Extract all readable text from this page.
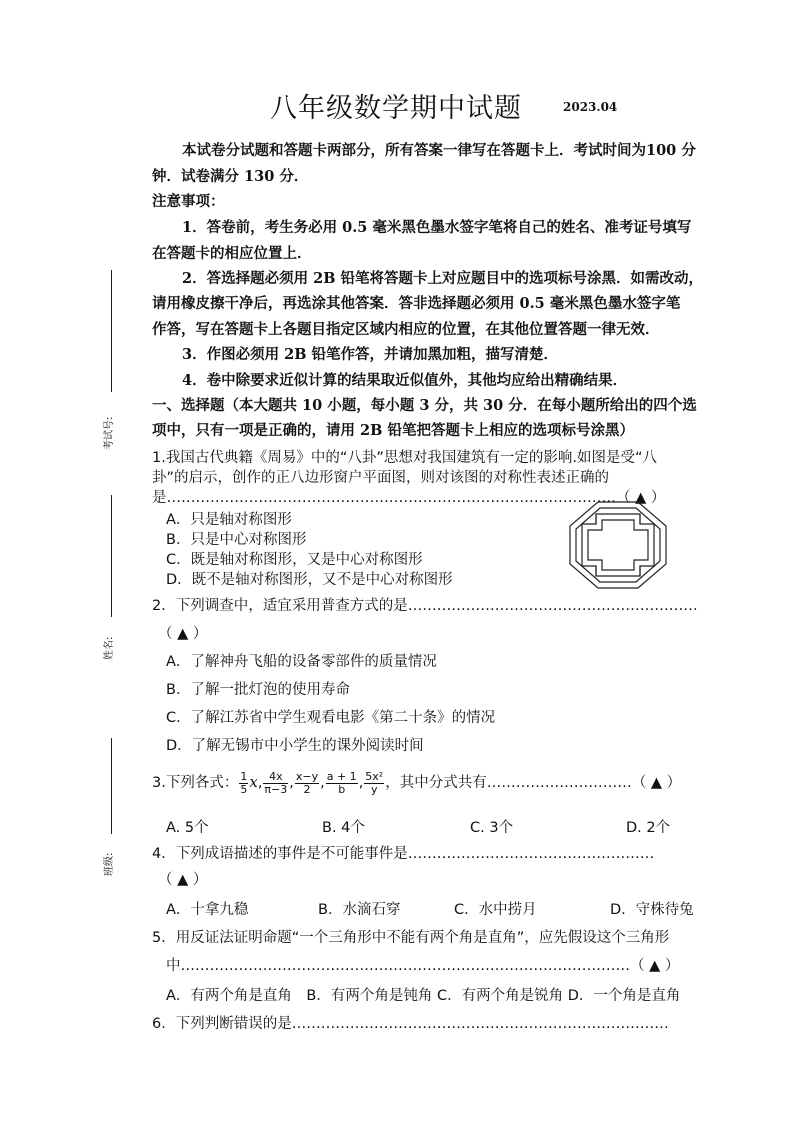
八年级数学期中试题	2023.04
本试卷分试题和答题卡两部分，所有答案一律写在答题卡上．考试时间为100 分
钟．试卷满分 130 分．
注意事项：
1．答卷前，考生务必用 0.5 毫米黑色墨水签字笔将自己的姓名、准考证号填写
在答题卡的相应位置上．
2．答选择题必须用 2B 铅笔将答题卡上对应题目中的选项标号涂黑．如需改动，
请用橡皮擦干净后，再选涂其他答案．答非选择题必须用 0.5 毫米黑色墨水签字笔
作答，写在答题卡上各题目指定区域内相应的位置，在其他位置答题一律无效．
3．作图必须用 2B 铅笔作答，并请加黑加粗，描写清楚．
4．卷中除要求近似计算的结果取近似值外，其他均应给出精确结果．
一、选择题（本大题共 10 小题，每小题 3 分，共 30 分．在每小题所给出的四个选
项中，只有一项是正确的，请用 2B 铅笔把答题卡上相应的选项标号涂黑）
考试号:
姓名:
班级:
1.我国古代典籍《周易》中的“八卦”思想对我国建筑有一定的影响.如图是受“八
卦”的启示，创作的正八边形窗户平面图，则对该图的对称性表述正确的
是…………………………………………………………………………………（ ▲ ）
A．只是轴对称图形
B．只是中心对称图形
C．既是轴对称图形，又是中心对称图形
D．既不是轴对称图形，又不是中心对称图形
2．下列调查中，适宜采用普查方式的是……………………………………………………
（ ▲ ）
A．了解神舟飞船的设备零部件的质量情况
B．了解一批灯泡的使用寿命
C．了解江苏省中学生观看电影《第二十条》的情况
D．了解无锡市中小学生的课外阅读时间
3.下列各式： $\frac{1}{5} x$, $\frac{4x}{\pi-3}$ , $\frac{x-y}{2}$ , $\frac{a + 1}{b}$ , $\frac{\text{5x²}}{y}$ ，其中分式共有…………………………（ ▲ ）
A. 5个	B. 4个	C. 3个	D. 2个
4．下列成语描述的事件是不可能事件是……………………………………………
（ ▲ ）
A．十拿九稳	B．水滴石穿	C．水中捞月	D．守株待兔
5．用反证法证明命题“一个三角形中不能有两个角是直角”，应先假设这个三角形
中…………………………………………………………………………………（ ▲ ）
A．有两个角是直角　B．有两个角是钝角 C．有两个角是锐角 D．一个角是直角
6．下列判断错误的是……………………………………………………………………
